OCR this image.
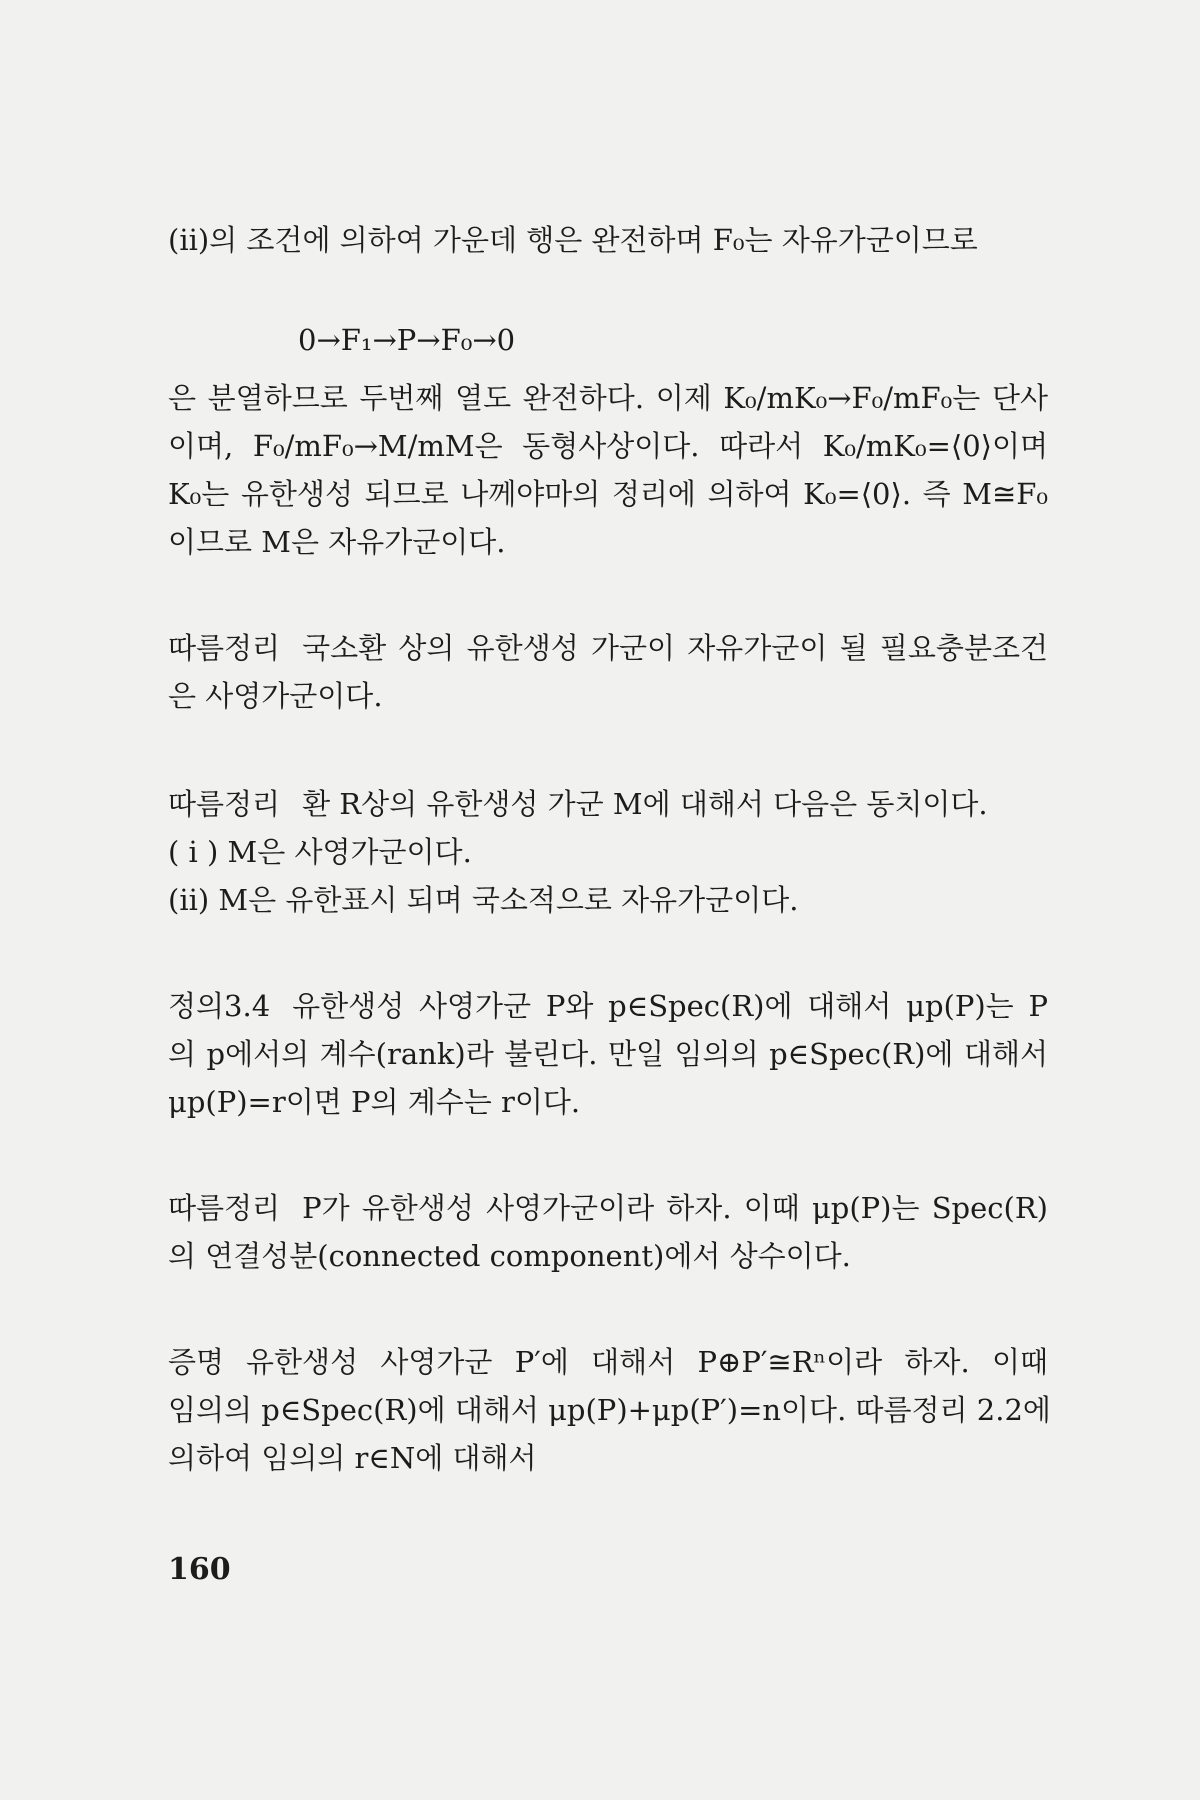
(ii)의 조건에 의하여 가운데 행은 완전하며 F₀는 자유가군이므로
0→F₁→P→F₀→0
은 분열하므로 두번째 열도 완전하다. 이제 K₀/mK₀→F₀/mF₀는 단사
이며, F₀/mF₀→M/mM은 동형사상이다. 따라서 K₀/mK₀=⟨0⟩이며
K₀는 유한생성 되므로 나께야마의 정리에 의하여 K₀=⟨0⟩. 즉 M≅F₀
이므로 M은 자유가군이다.
따름정리 국소환 상의 유한생성 가군이 자유가군이 될 필요충분조건
은 사영가군이다.
따름정리 환 R상의 유한생성 가군 M에 대해서 다음은 동치이다.
( i ) M은 사영가군이다.
(ii) M은 유한표시 되며 국소적으로 자유가군이다.
정의3.4 유한생성 사영가군 P와 p∈Spec(R)에 대해서 μp(P)는 P
의 p에서의 계수(rank)라 불린다. 만일 임의의 p∈Spec(R)에 대해서
μp(P)=r이면 P의 계수는 r이다.
따름정리 P가 유한생성 사영가군이라 하자. 이때 μp(P)는 Spec(R)
의 연결성분(connected component)에서 상수이다.
증명 유한생성 사영가군 P′에 대해서 P⊕P′≅Rⁿ이라 하자. 이때
임의의 p∈Spec(R)에 대해서 μp(P)+μp(P′)=n이다. 따름정리 2.2에
의하여 임의의 r∈N에 대해서
160
